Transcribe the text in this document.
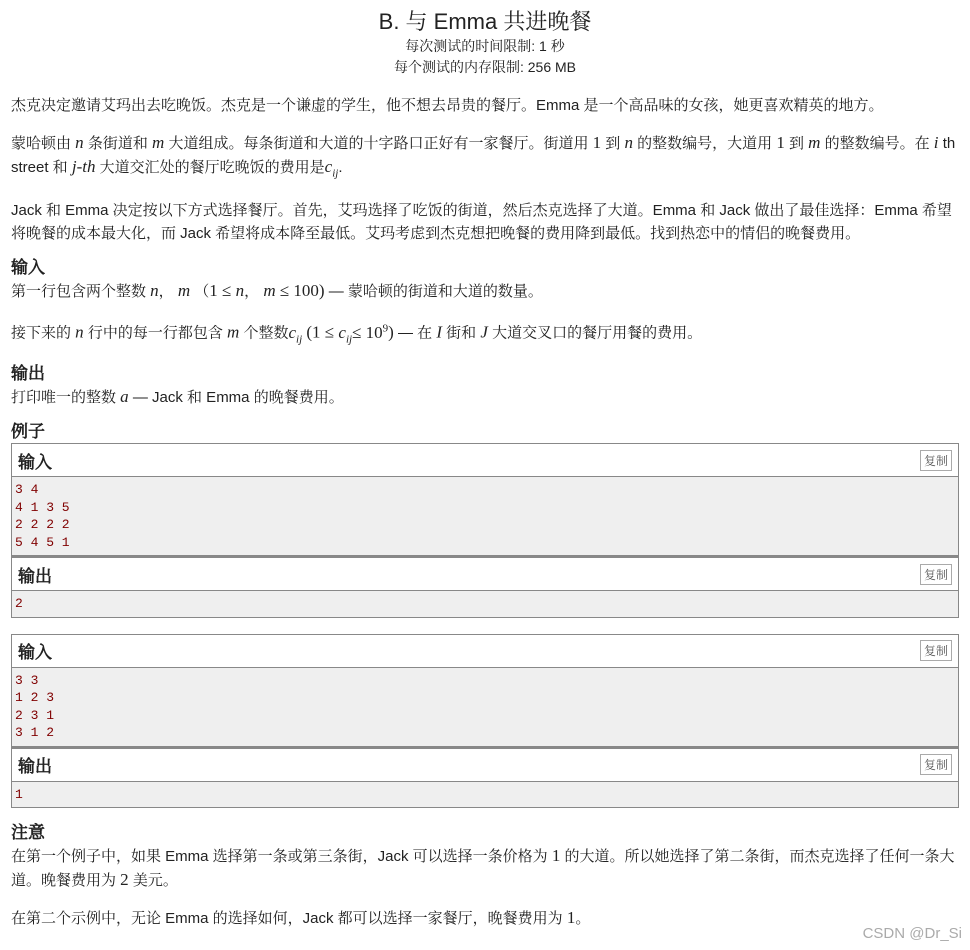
B. 与 Emma 共进晚餐
每次测试的时间限制: 1 秒
每个测试的内存限制: 256 MB

杰克决定邀请艾玛出去吃晚饭。杰克是一个谦虚的学生，他不想去昂贵的餐厅。Emma 是一个高品味的女孩，她更喜欢精英的地方。

蒙哈顿由 n 条街道和 m 大道组成。每条街道和大道的十字路口正好有一家餐厅。街道用 1 到 n 的整数编号，大道用 1 到 m 的整数编号。在 i th street 和 j-th 大道交汇处的餐厅吃晚饭的费用是$c_{ij}$.

Jack 和 Emma 决定按以下方式选择餐厅。首先，艾玛选择了吃饭的街道，然后杰克选择了大道。Emma 和 Jack 做出了最佳选择：Emma 希望将晚餐的成本最大化，而 Jack 希望将成本降至最低。艾玛考虑到杰克想把晚餐的费用降到最低。找到热恋中的情侣的晚餐费用。

输入

第一行包含两个整数 n， m （1 ≤ n， m ≤ 100) — 蒙哈顿的街道和大道的数量。

接下来的 n 行中的每一行都包含 m 个整数$c_{ij}$ $(1 \le c_{ij}\le 10^9)$ — 在 I 街和 J 大道交叉口的餐厅用餐的费用。

输出

打印唯一的整数 a — Jack 和 Emma 的晚餐费用。

例子
输入	复制
3 4
4 1 3 5
2 2 2 2
5 4 5 1
输出	复制
2
输入	复制
3 3
1 2 3
2 3 1
3 1 2
输出	复制
1
注意

在第一个例子中，如果 Emma 选择第一条或第三条街，Jack 可以选择一条价格为 1 的大道。所以她选择了第二条街，而杰克选择了任何一条大道。晚餐费用为 2 美元。

在第二个示例中，无论 Emma 的选择如何，Jack 都可以选择一家餐厅，晚餐费用为 1。

CSDN @Dr_Si
